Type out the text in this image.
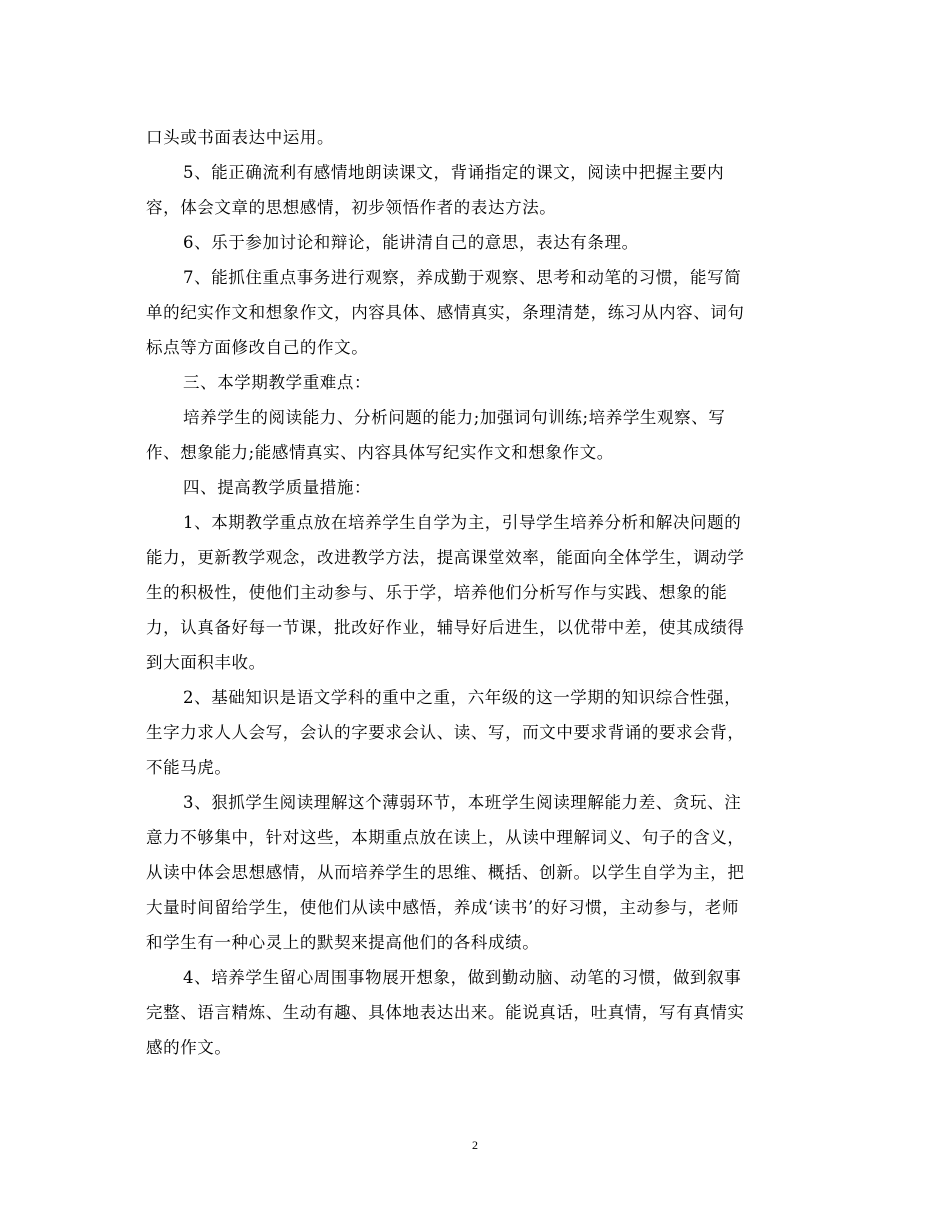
口头或书面表达中运用。
5、能正确流利有感情地朗读课文，背诵指定的课文，阅读中把握主要内
容，体会文章的思想感情，初步领悟作者的表达方法。
6、乐于参加讨论和辩论，能讲清自己的意思，表达有条理。
7、能抓住重点事务进行观察，养成勤于观察、思考和动笔的习惯，能写简
单的纪实作文和想象作文，内容具体、感情真实，条理清楚，练习从内容、词句
标点等方面修改自己的作文。
三、本学期教学重难点：
培养学生的阅读能力、分析问题的能力;加强词句训练;培养学生观察、写
作、想象能力;能感情真实、内容具体写纪实作文和想象作文。
四、提高教学质量措施：
1、本期教学重点放在培养学生自学为主，引导学生培养分析和解决问题的
能力，更新教学观念，改进教学方法，提高课堂效率，能面向全体学生，调动学
生的积极性，使他们主动参与、乐于学，培养他们分析写作与实践、想象的能
力，认真备好每一节课，批改好作业，辅导好后进生，以优带中差，使其成绩得
到大面积丰收。
2、基础知识是语文学科的重中之重，六年级的这一学期的知识综合性强，
生字力求人人会写，会认的字要求会认、读、写，而文中要求背诵的要求会背，
不能马虎。
3、狠抓学生阅读理解这个薄弱环节，本班学生阅读理解能力差、贪玩、注
意力不够集中，针对这些，本期重点放在读上，从读中理解词义、句子的含义，
从读中体会思想感情，从而培养学生的思维、概括、创新。以学生自学为主，把
大量时间留给学生，使他们从读中感悟，养成‘读书’的好习惯，主动参与，老师
和学生有一种心灵上的默契来提高他们的各科成绩。
4、培养学生留心周围事物展开想象，做到勤动脑、动笔的习惯，做到叙事
完整、语言精炼、生动有趣、具体地表达出来。能说真话，吐真情，写有真情实
感的作文。
2
